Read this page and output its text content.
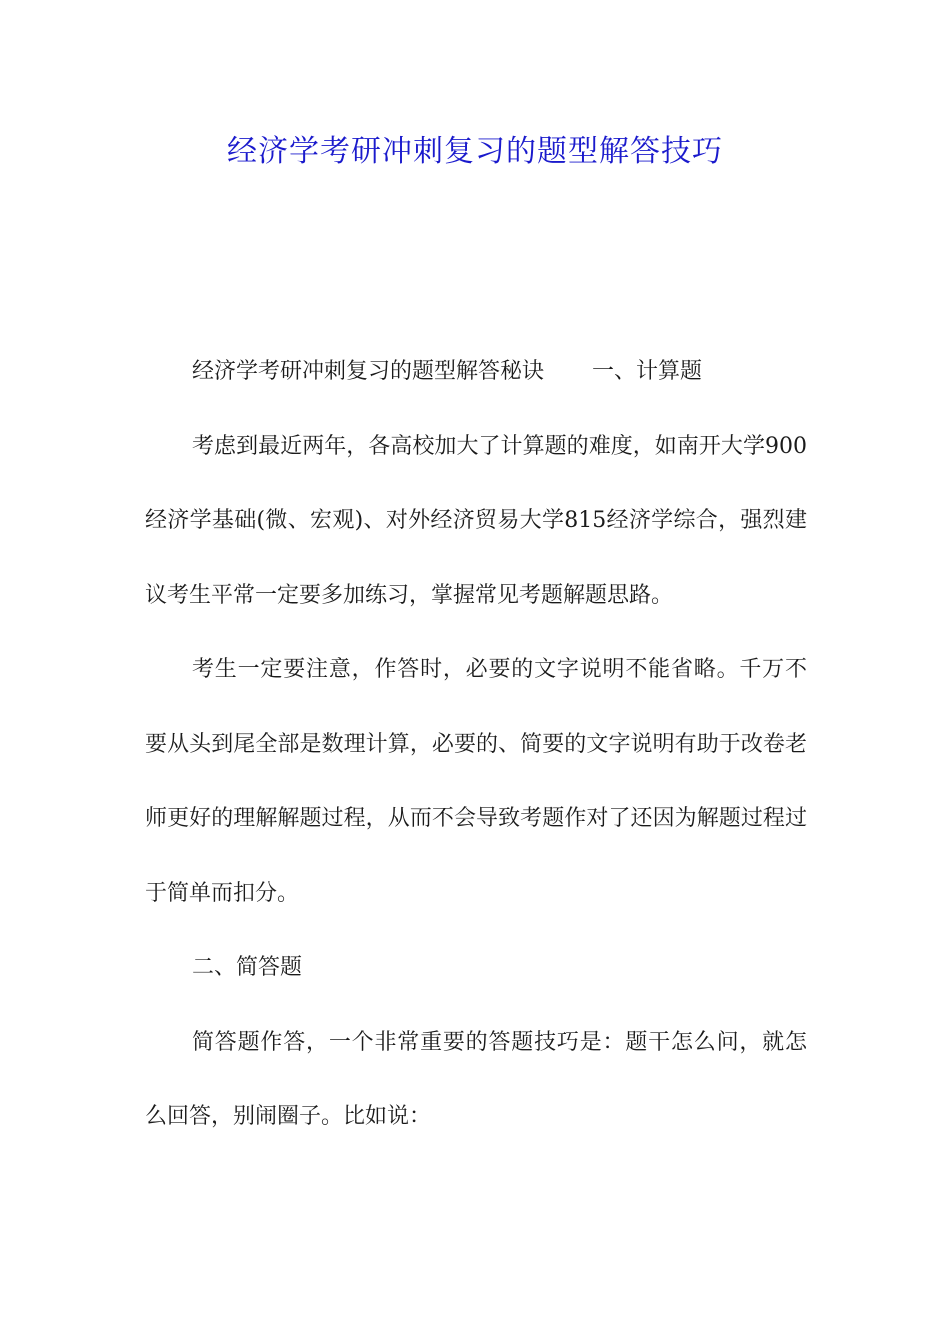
经济学考研冲刺复习的题型解答技巧

经济学考研冲刺复习的题型解答秘诀 一、计算题

考虑到最近两年，各高校加大了计算题的难度，如南开大学900经济学基础(微、宏观)、对外经济贸易大学815经济学综合，强烈建议考生平常一定要多加练习，掌握常见考题解题思路。

考生一定要注意，作答时，必要的文字说明不能省略。千万不要从头到尾全部是数理计算，必要的、简要的文字说明有助于改卷老师更好的理解解题过程，从而不会导致考题作对了还因为解题过程过于简单而扣分。

二、简答题

简答题作答，一个非常重要的答题技巧是：题干怎么问，就怎么回答，别闹圈子。比如说：
